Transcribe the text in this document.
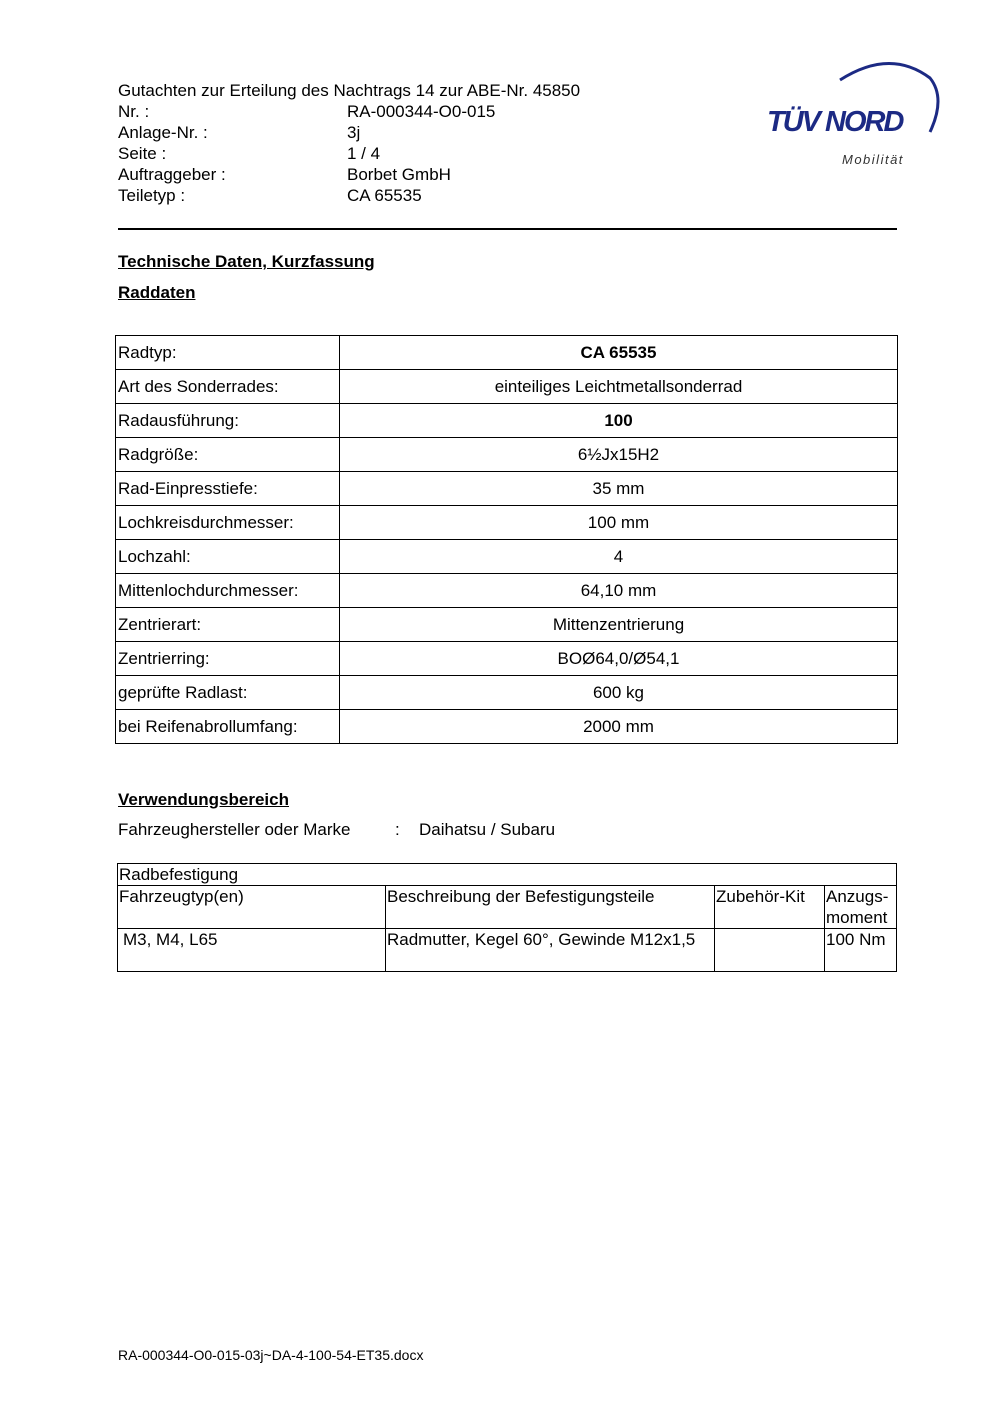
Gutachten zur Erteilung des Nachtrags 14 zur ABE-Nr. 45850
Nr. :	RA-000344-O0-015
Anlage-Nr. :	3j
Seite :	1 / 4
Auftraggeber :	Borbet GmbH
Teiletyp :	CA 65535
TÜV NORD
Mobilität
Technische Daten, Kurzfassung
Raddaten
Radtyp:	CA 65535
Art des Sonderrades:	einteiliges Leichtmetallsonderrad
Radausführung:	100
Radgröße:	6½Jx15H2
Rad-Einpresstiefe:	35 mm
Lochkreisdurchmesser:	100 mm
Lochzahl:	4
Mittenlochdurchmesser:	64,10 mm
Zentrierart:	Mittenzentrierung
Zentrierring:	BOØ64,0/Ø54,1
geprüfte Radlast:	600 kg
bei Reifenabrollumfang:	2000 mm
Verwendungsbereich
Fahrzeughersteller oder Marke	:	Daihatsu / Subaru
Radbefestigung			
Fahrzeugtyp(en)	Beschreibung der Befestigungsteile	Zubehör-Kit	Anzugs-moment
M3, M4, L65	Radmutter, Kegel 60°, Gewinde M12x1,5		100 Nm
RA-000344-O0-015-03j~DA-4-100-54-ET35.docx
